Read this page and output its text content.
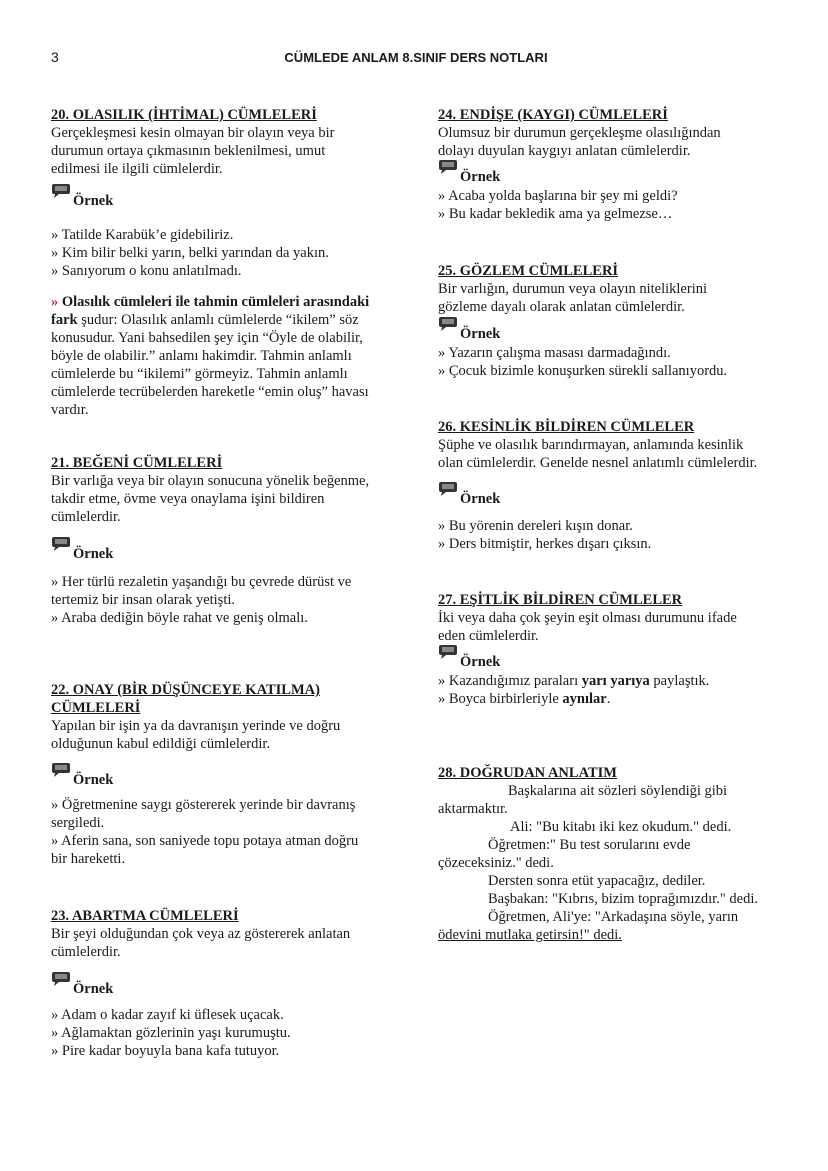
3	CÜMLEDE ANLAM 8.SINIF DERS NOTLARI
20. OLASILIK (İHTİMAL) CÜMLELERİ
Gerçekleşmesi kesin olmayan bir olayın veya bir
durumun ortaya çıkmasının beklenilmesi, umut
edilmesi ile ilgili cümlelerdir.
Örnek
» Tatilde Karabük’e gidebiliriz.
» Kim bilir belki yarın, belki yarından da yakın.
» Sanıyorum o konu anlatılmadı.
» Olasılık cümleleri ile tahmin cümleleri arasındaki
fark şudur: Olasılık anlamlı cümlelerde “ikilem” söz
konusudur. Yani bahsedilen şey için “Öyle de olabilir,
böyle de olabilir.” anlamı hakimdir. Tahmin anlamlı
cümlelerde bu “ikilemi” görmeyiz. Tahmin anlamlı
cümlelerde tecrübelerden hareketle “emin oluş” havası
vardır.
21. BEĞENİ CÜMLELERİ
Bir varlığa veya bir olayın sonucuna yönelik beğenme,
takdir etme, övme veya onaylama işini bildiren
cümlelerdir.
Örnek
» Her türlü rezaletin yaşandığı bu çevrede dürüst ve
tertemiz bir insan olarak yetişti.
» Araba dediğin böyle rahat ve geniş olmalı.
22. ONAY (BİR DÜŞÜNCEYE KATILMA)
CÜMLELERİ
Yapılan bir işin ya da davranışın yerinde ve doğru
olduğunun kabul edildiği cümlelerdir.
Örnek
» Öğretmenine saygı göstererek yerinde bir davranış
sergiledi.
» Aferin sana, son saniyede topu potaya atman doğru
bir hareketti.
23. ABARTMA CÜMLELERİ
Bir şeyi olduğundan çok veya az göstererek anlatan
cümlelerdir.
Örnek
» Adam o kadar zayıf ki üflesek uçacak.
» Ağlamaktan gözlerinin yaşı kurumuştu.
» Pire kadar boyuyla bana kafa tutuyor.
24. ENDİŞE (KAYGI) CÜMLELERİ
Olumsuz bir durumun gerçekleşme olasılığından
dolayı duyulan kaygıyı anlatan cümlelerdir.
Örnek
» Acaba yolda başlarına bir şey mi geldi?
» Bu kadar bekledik ama ya gelmezse…
25. GÖZLEM CÜMLELERİ
Bir varlığın, durumun veya olayın niteliklerini
gözleme dayalı olarak anlatan cümlelerdir.
Örnek
» Yazarın çalışma masası darmadağındı.
» Çocuk bizimle konuşurken sürekli sallanıyordu.
26. KESİNLİK BİLDİREN CÜMLELER
Şüphe ve olasılık barındırmayan, anlamında kesinlik
olan cümlelerdir. Genelde nesnel anlatımlı cümlelerdir.
Örnek
» Bu yörenin dereleri kışın donar.
» Ders bitmiştir, herkes dışarı çıksın.
27. EŞİTLİK BİLDİREN CÜMLELER
İki veya daha çok şeyin eşit olması durumunu ifade
eden cümlelerdir.
Örnek
» Kazandığımız paraları yarı yarıya paylaştık.
» Boyca birbirleriyle aynılar.
28. DOĞRUDAN ANLATIM
Başkalarına ait sözleri söylendiği gibi
aktarmaktır.
Ali: "Bu kitabı iki kez okudum." dedi.
Öğretmen:" Bu test sorularını evde
çözeceksiniz." dedi.
Dersten sonra etüt yapacağız, dediler.
Başbakan: "Kıbrıs, bizim toprağımızdır." dedi.
Öğretmen, Ali'ye: "Arkadaşına söyle, yarın
ödevini mutlaka getirsin!" dedi.
